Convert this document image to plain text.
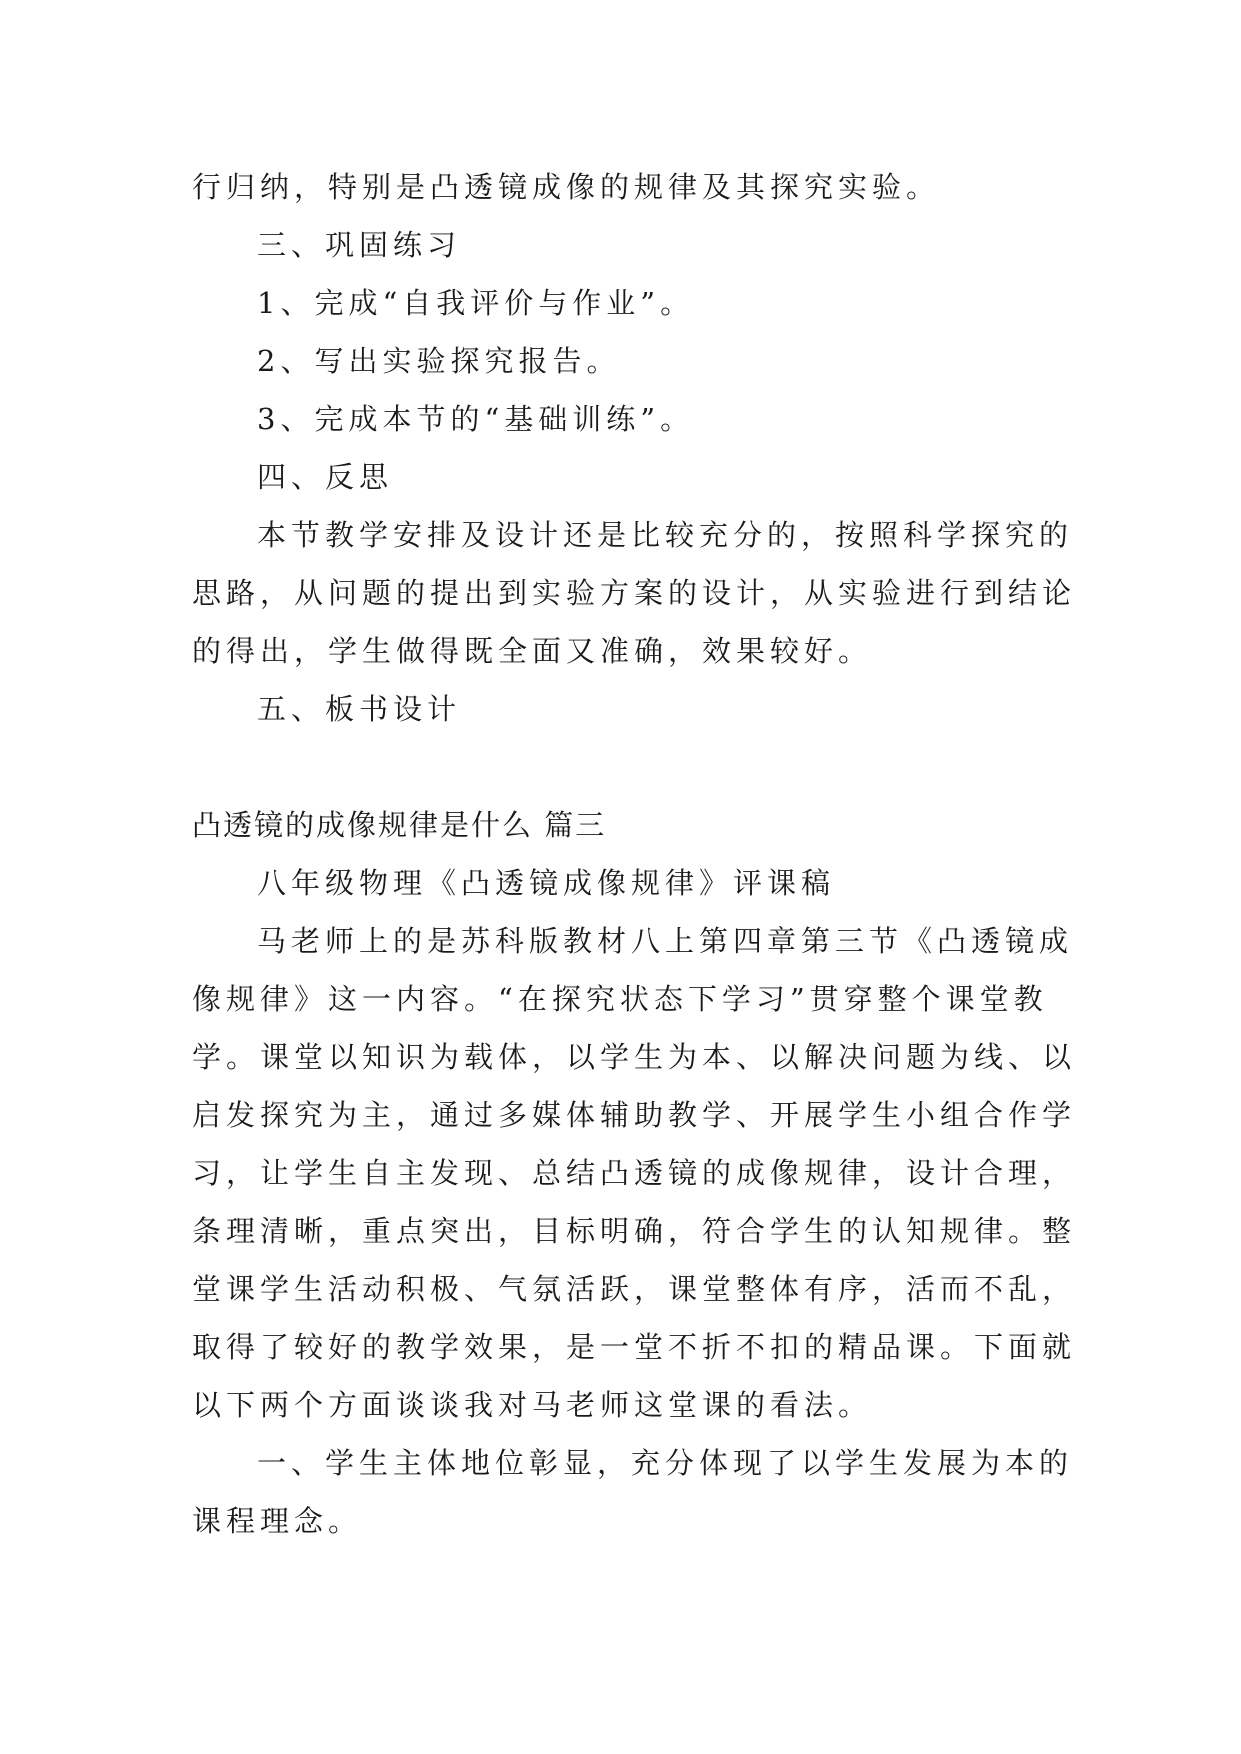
行归纳，特别是凸透镜成像的规律及其探究实验。
三、巩固练习
1、完成“自我评价与作业”。
2、写出实验探究报告。
3、完成本节的“基础训练”。
四、反思
本节教学安排及设计还是比较充分的，按照科学探究的
思路，从问题的提出到实验方案的设计，从实验进行到结论
的得出，学生做得既全面又准确，效果较好。
五、板书设计
凸透镜的成像规律是什么 篇三
八年级物理《凸透镜成像规律》评课稿
马老师上的是苏科版教材八上第四章第三节《凸透镜成
像规律》这一内容。“在探究状态下学习”贯穿整个课堂教
学。课堂以知识为载体，以学生为本、以解决问题为线、以
启发探究为主，通过多媒体辅助教学、开展学生小组合作学
习，让学生自主发现、总结凸透镜的成像规律，设计合理，
条理清晰，重点突出，目标明确，符合学生的认知规律。整
堂课学生活动积极、气氛活跃，课堂整体有序，活而不乱，
取得了较好的教学效果，是一堂不折不扣的精品课。下面就
以下两个方面谈谈我对马老师这堂课的看法。
一、学生主体地位彰显，充分体现了以学生发展为本的
课程理念。
